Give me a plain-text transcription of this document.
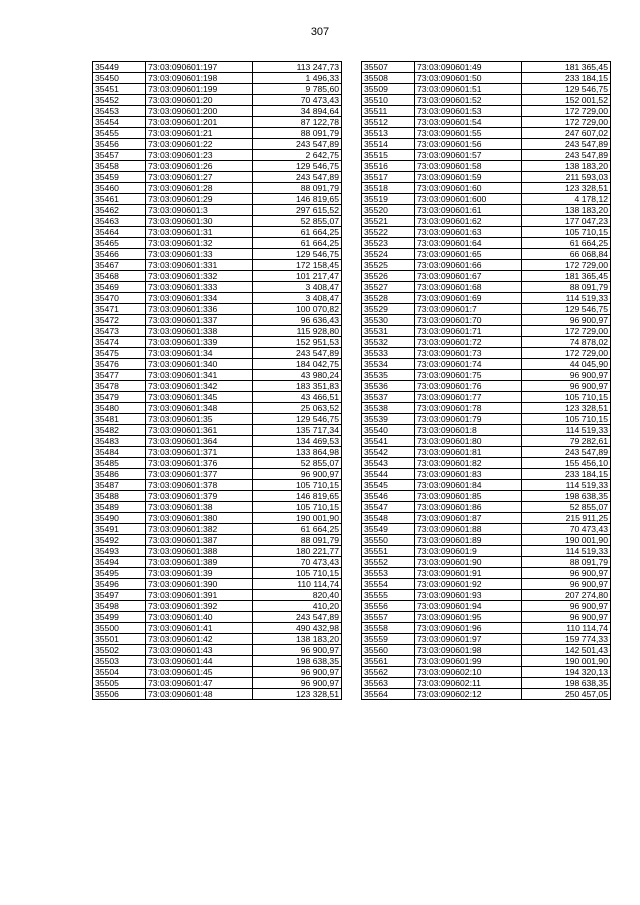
307
35449	73:03:090601:197	113 247,73
35450	73:03:090601:198	1 496,33
35451	73:03:090601:199	9 785,60
35452	73:03:090601:20	70 473,43
35453	73:03:090601:200	34 894,64
35454	73:03:090601:201	87 122,78
35455	73:03:090601:21	88 091,79
35456	73:03:090601:22	243 547,89
35457	73:03:090601:23	2 642,75
35458	73:03:090601:26	129 546,75
35459	73:03:090601:27	243 547,89
35460	73:03:090601:28	88 091,79
35461	73:03:090601:29	146 819,65
35462	73:03:090601:3	297 615,52
35463	73:03:090601:30	52 855,07
35464	73:03:090601:31	61 664,25
35465	73:03:090601:32	61 664,25
35466	73:03:090601:33	129 546,75
35467	73:03:090601:331	172 158,45
35468	73:03:090601:332	101 217,47
35469	73:03:090601:333	3 408,47
35470	73:03:090601:334	3 408,47
35471	73:03:090601:336	100 070,82
35472	73:03:090601:337	96 636,43
35473	73:03:090601:338	115 928,80
35474	73:03:090601:339	152 951,53
35475	73:03:090601:34	243 547,89
35476	73:03:090601:340	184 042,75
35477	73:03:090601:341	43 980,24
35478	73:03:090601:342	183 351,83
35479	73:03:090601:345	43 466,51
35480	73:03:090601:348	25 063,52
35481	73:03:090601:35	129 546,75
35482	73:03:090601:361	135 717,34
35483	73:03:090601:364	134 469,53
35484	73:03:090601:371	133 864,98
35485	73:03:090601:376	52 855,07
35486	73:03:090601:377	96 900,97
35487	73:03:090601:378	105 710,15
35488	73:03:090601:379	146 819,65
35489	73:03:090601:38	105 710,15
35490	73:03:090601:380	190 001,90
35491	73:03:090601:382	61 664,25
35492	73:03:090601:387	88 091,79
35493	73:03:090601:388	180 221,77
35494	73:03:090601:389	70 473,43
35495	73:03:090601:39	105 710,15
35496	73:03:090601:390	110 114,74
35497	73:03:090601:391	820,40
35498	73:03:090601:392	410,20
35499	73:03:090601:40	243 547,89
35500	73:03:090601:41	490 432,98
35501	73:03:090601:42	138 183,20
35502	73:03:090601:43	96 900,97
35503	73:03:090601:44	198 638,35
35504	73:03:090601:45	96 900,97
35505	73:03:090601:47	96 900,97
35506	73:03:090601:48	123 328,51
35507	73:03:090601:49	181 365,45
35508	73:03:090601:50	233 184,15
35509	73:03:090601:51	129 546,75
35510	73:03:090601:52	152 001,52
35511	73:03:090601:53	172 729,00
35512	73:03:090601:54	172 729,00
35513	73:03:090601:55	247 607,02
35514	73:03:090601:56	243 547,89
35515	73:03:090601:57	243 547,89
35516	73:03:090601:58	138 183,20
35517	73:03:090601:59	211 593,03
35518	73:03:090601:60	123 328,51
35519	73:03:090601:600	4 178,12
35520	73:03:090601:61	138 183,20
35521	73:03:090601:62	177 047,23
35522	73:03:090601:63	105 710,15
35523	73:03:090601:64	61 664,25
35524	73:03:090601:65	66 068,84
35525	73:03:090601:66	172 729,00
35526	73:03:090601:67	181 365,45
35527	73:03:090601:68	88 091,79
35528	73:03:090601:69	114 519,33
35529	73:03:090601:7	129 546,75
35530	73:03:090601:70	96 900,97
35531	73:03:090601:71	172 729,00
35532	73:03:090601:72	74 878,02
35533	73:03:090601:73	172 729,00
35534	73:03:090601:74	44 045,90
35535	73:03:090601:75	96 900,97
35536	73:03:090601:76	96 900,97
35537	73:03:090601:77	105 710,15
35538	73:03:090601:78	123 328,51
35539	73:03:090601:79	105 710,15
35540	73:03:090601:8	114 519,33
35541	73:03:090601:80	79 282,61
35542	73:03:090601:81	243 547,89
35543	73:03:090601:82	155 456,10
35544	73:03:090601:83	233 184,15
35545	73:03:090601:84	114 519,33
35546	73:03:090601:85	198 638,35
35547	73:03:090601:86	52 855,07
35548	73:03:090601:87	215 911,25
35549	73:03:090601:88	70 473,43
35550	73:03:090601:89	190 001,90
35551	73:03:090601:9	114 519,33
35552	73:03:090601:90	88 091,79
35553	73:03:090601:91	96 900,97
35554	73:03:090601:92	96 900,97
35555	73:03:090601:93	207 274,80
35556	73:03:090601:94	96 900,97
35557	73:03:090601:95	96 900,97
35558	73:03:090601:96	110 114,74
35559	73:03:090601:97	159 774,33
35560	73:03:090601:98	142 501,43
35561	73:03:090601:99	190 001,90
35562	73:03:090602:10	194 320,13
35563	73:03:090602:11	198 638,35
35564	73:03:090602:12	250 457,05
